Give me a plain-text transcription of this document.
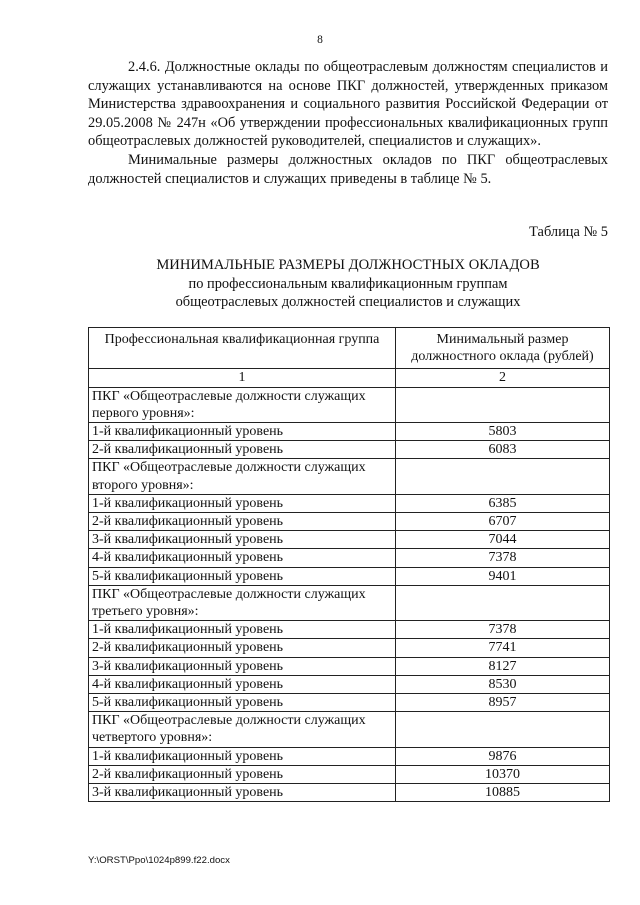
8

2.4.6. Должностные оклады по общеотраслевым должностям специалистов и служащих устанавливаются на основе ПКГ должностей, утвержденных приказом Министерства здравоохранения и социального развития Российской Федерации от 29.05.2008 № 247н «Об утверждении профессиональных квалификационных групп общеотраслевых должностей руководителей, специалистов и служащих».

Минимальные размеры должностных окладов по ПКГ общеотраслевых должностей специалистов и служащих приведены в таблице № 5.

Таблица № 5
МИНИМАЛЬНЫЕ РАЗМЕРЫ ДОЛЖНОСТНЫХ ОКЛАДОВ
по профессиональным квалификационным группам
общеотраслевых должностей специалистов и служащих
Профессиональная квалификационная группа	Минимальный размер должностного оклада (рублей)
1	2
ПКГ «Общеотраслевые должности служащих первого уровня»:	
1-й квалификационный уровень	5803
2-й квалификационный уровень	6083
ПКГ «Общеотраслевые должности служащих второго уровня»:	
1-й квалификационный уровень	6385
2-й квалификационный уровень	6707
3-й квалификационный уровень	7044
4-й квалификационный уровень	7378
5-й квалификационный уровень	9401
ПКГ «Общеотраслевые должности служащих третьего уровня»:	
1-й квалификационный уровень	7378
2-й квалификационный уровень	7741
3-й квалификационный уровень	8127
4-й квалификационный уровень	8530
5-й квалификационный уровень	8957
ПКГ «Общеотраслевые должности служащих четвертого уровня»:	
1-й квалификационный уровень	9876
2-й квалификационный уровень	10370
3-й квалификационный уровень	10885
Y:\ORST\Ppo\1024p899.f22.docx
